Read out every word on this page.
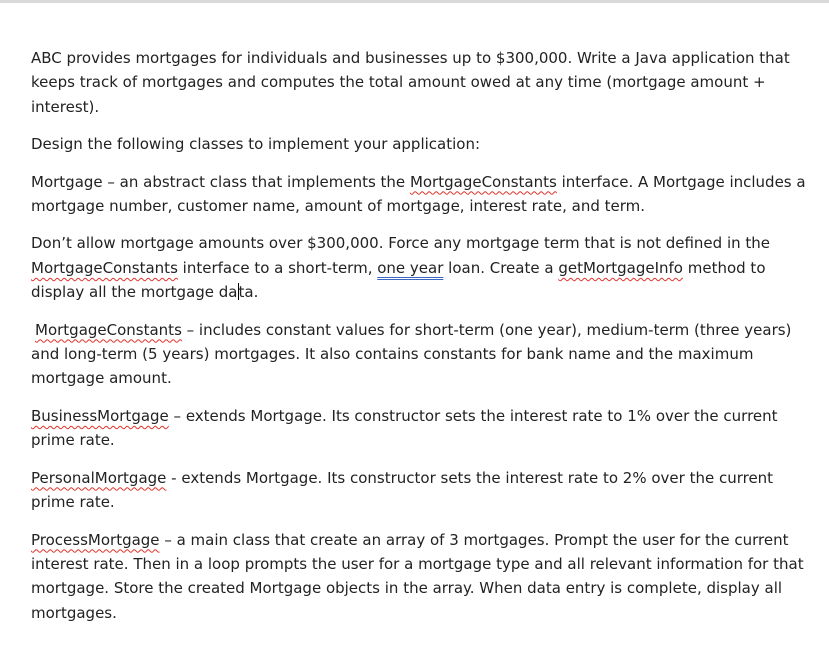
ABC provides mortgages for individuals and businesses up to $300,000. Write a Java application that keeps track of mortgages and computes the total amount owed at any time (mortgage amount + interest).

Design the following classes to implement your application:

Mortgage – an abstract class that implements the MortgageConstants interface. A Mortgage includes a mortgage number, customer name, amount of mortgage, interest rate, and term.

Don’t allow mortgage amounts over $300,000. Force any mortgage term that is not defined in the MortgageConstants interface to a short-term, one year loan. Create a getMortgageInfo method to display all the mortgage data.

MortgageConstants – includes constant values for short-term (one year), medium-term (three years) and long-term (5 years) mortgages. It also contains constants for bank name and the maximum mortgage amount.

BusinessMortgage – extends Mortgage. Its constructor sets the interest rate to 1% over the current prime rate.

PersonalMortgage - extends Mortgage. Its constructor sets the interest rate to 2% over the current prime rate.

ProcessMortgage – a main class that create an array of 3 mortgages. Prompt the user for the current interest rate. Then in a loop prompts the user for a mortgage type and all relevant information for that mortgage. Store the created Mortgage objects in the array. When data entry is complete, display all mortgages.
